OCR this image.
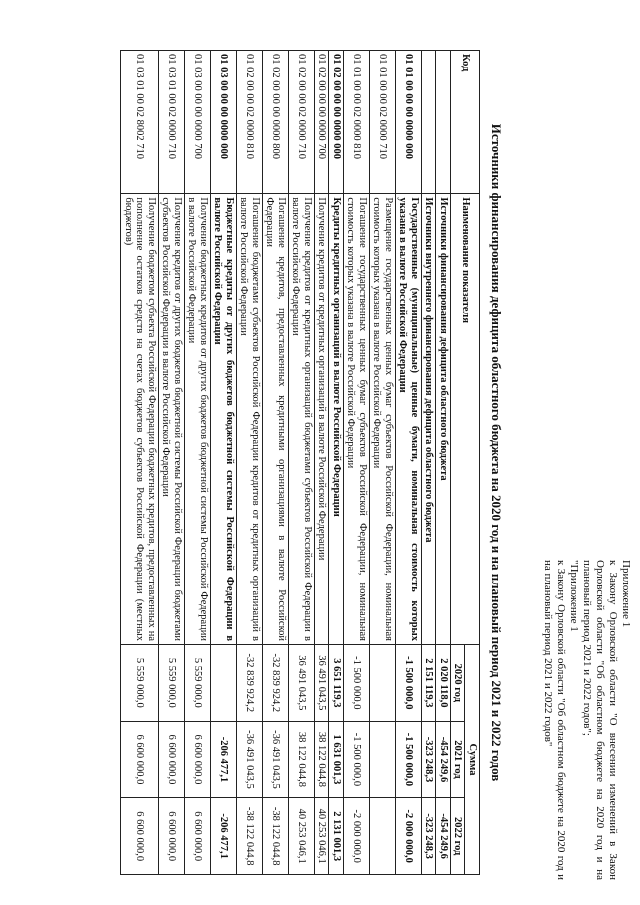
Приложение 1

к Закону Орловской области "О внесении изменений в Закон Орловской области "Об областном бюджете на 2020 год и на плановый период 2021 и 2022 годов";

"Приложение 1

к Закону Орловской области "Об областном бюджете на 2020 год и на плановый период 2021 и 2022 годов"

Источники финансирования дефицита областного бюджета на 2020 год и на плановый период 2021 и 2022 годов
Код	Наименование показателя	Сумма		
		2020 год	2021 год	2022 год
	Источники финансирования дефицита областного бюджета	2 020 118,0	-454 249,6	-454 249,6
	Источники внутреннего финансирования дефицита областного бюджета	2 151 119,3	-323 248,3	-323 248,3
01 01 00 00 00 0000 000	Государственные (муниципальные) ценные бумаги, номинальная стоимость которых указана в валюте Российской Федерации	-1 500 000,0	-1 500 000,0	-2 000 000,0
01 01 00 00 02 0000 710	Размещение государственных ценных бумаг субъектов Российской Федерации, номинальная стоимость которых указана в валюте Российской Федерации			
01 01 00 00 02 0000 810	Погашение государственных ценных бумаг субъектов Российской Федерации, номинальная стоимость которых указана в валюте Российской Федерации	-1 500 000,0	-1 500 000,0	-2 000 000,0
01 02 00 00 00 0000 000	Кредиты кредитных организаций в валюте Российской Федерации	3 651 119,3	1 631 001,3	2 131 001,3
01 02 00 00 00 0000 700	Получение кредитов от кредитных организаций в валюте Российской Федерации	36 491 043,5	38 122 044,8	40 253 046,1
01 02 00 00 02 0000 710	Получение кредитов от кредитных организаций бюджетами субъектов Российской Федерации в валюте Российской Федерации	36 491 043,5	38 122 044,8	40 253 046,1
01 02 00 00 00 0000 800	Погашение кредитов, предоставленных кредитными организациями в валюте Российской Федерации	-32 839 924,2	-36 491 043,5	-38 122 044,8
01 02 00 00 02 0000 810	Погашение бюджетами субъектов Российской Федерации кредитов от кредитных организаций в валюте Российской Федерации	-32 839 924,2	-36 491 043,5	-38 122 044,8
01 03 00 00 00 0000 000	Бюджетные кредиты от других бюджетов бюджетной системы Российской Федерации в валюте Российской Федерации		-206 477,1	-206 477,1
01 03 00 00 00 0000 700	Получение бюджетных кредитов от других бюджетов бюджетной системы Российской Федерации в валюте Российской Федерации	5 559 000,0	6 600 000,0	6 600 000,0
01 03 01 00 02 0000 710	Получение кредитов от других бюджетов бюджетной системы Российской Федерации бюджетами субъектов Российской Федерации в валюте Российской Федерации	5 559 000,0	6 600 000,0	6 600 000,0
01 03 01 00 02 8002 710	Получение бюджетом субъекта Российской Федерации бюджетных кредитов, предоставленных на пополнение остатков средств на счетах бюджетов субъектов Российской Федерации (местных бюджетов)	5 559 000,0	6 600 000,0	6 600 000,0
